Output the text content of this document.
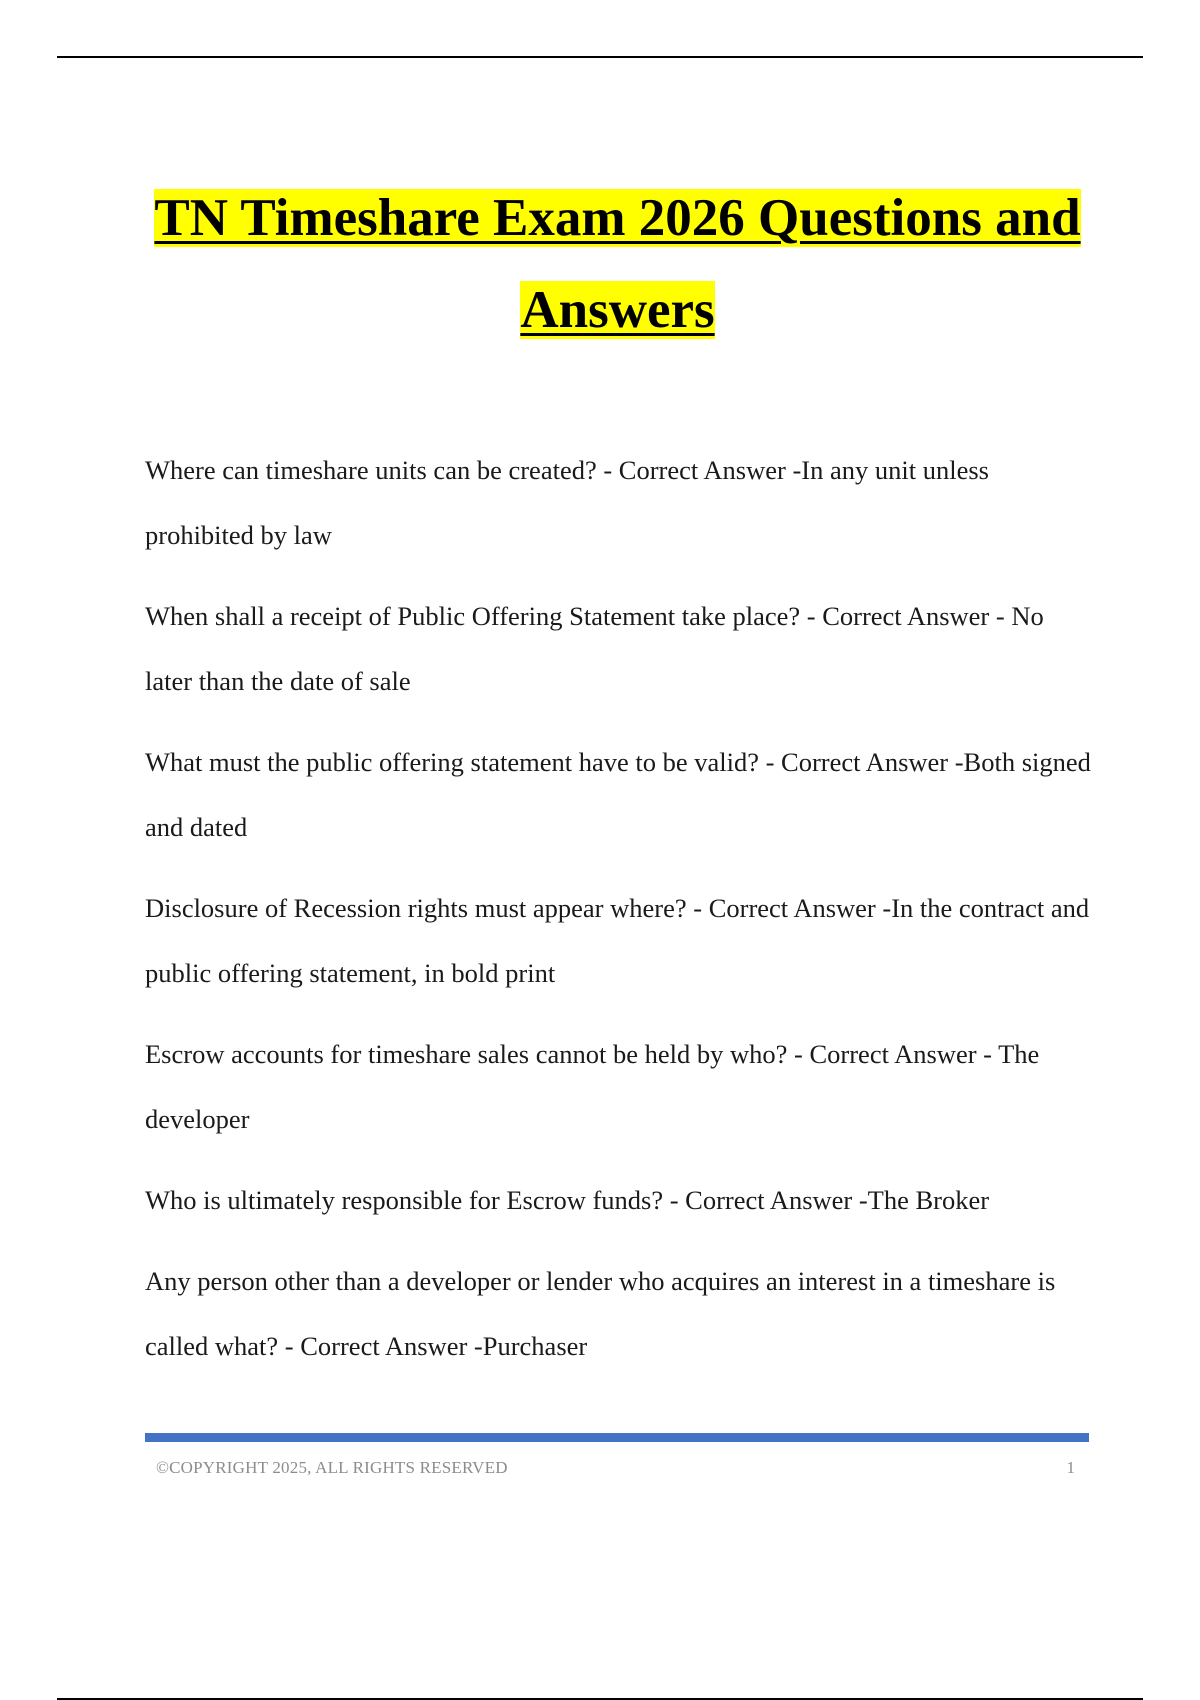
TN Timeshare Exam 2026 Questions and Answers

Where can timeshare units can be created? - Correct Answer -In any unit unless prohibited by law

When shall a receipt of Public Offering Statement take place? - Correct Answer - No later than the date of sale

What must the public offering statement have to be valid? - Correct Answer -Both signed and dated

Disclosure of Recession rights must appear where? - Correct Answer -In the contract and public offering statement, in bold print

Escrow accounts for timeshare sales cannot be held by who? - Correct Answer - The developer

Who is ultimately responsible for Escrow funds? - Correct Answer -The Broker

Any person other than a developer or lender who acquires an interest in a timeshare is called what? - Correct Answer -Purchaser

©COPYRIGHT 2025, ALL RIGHTS RESERVED	1
